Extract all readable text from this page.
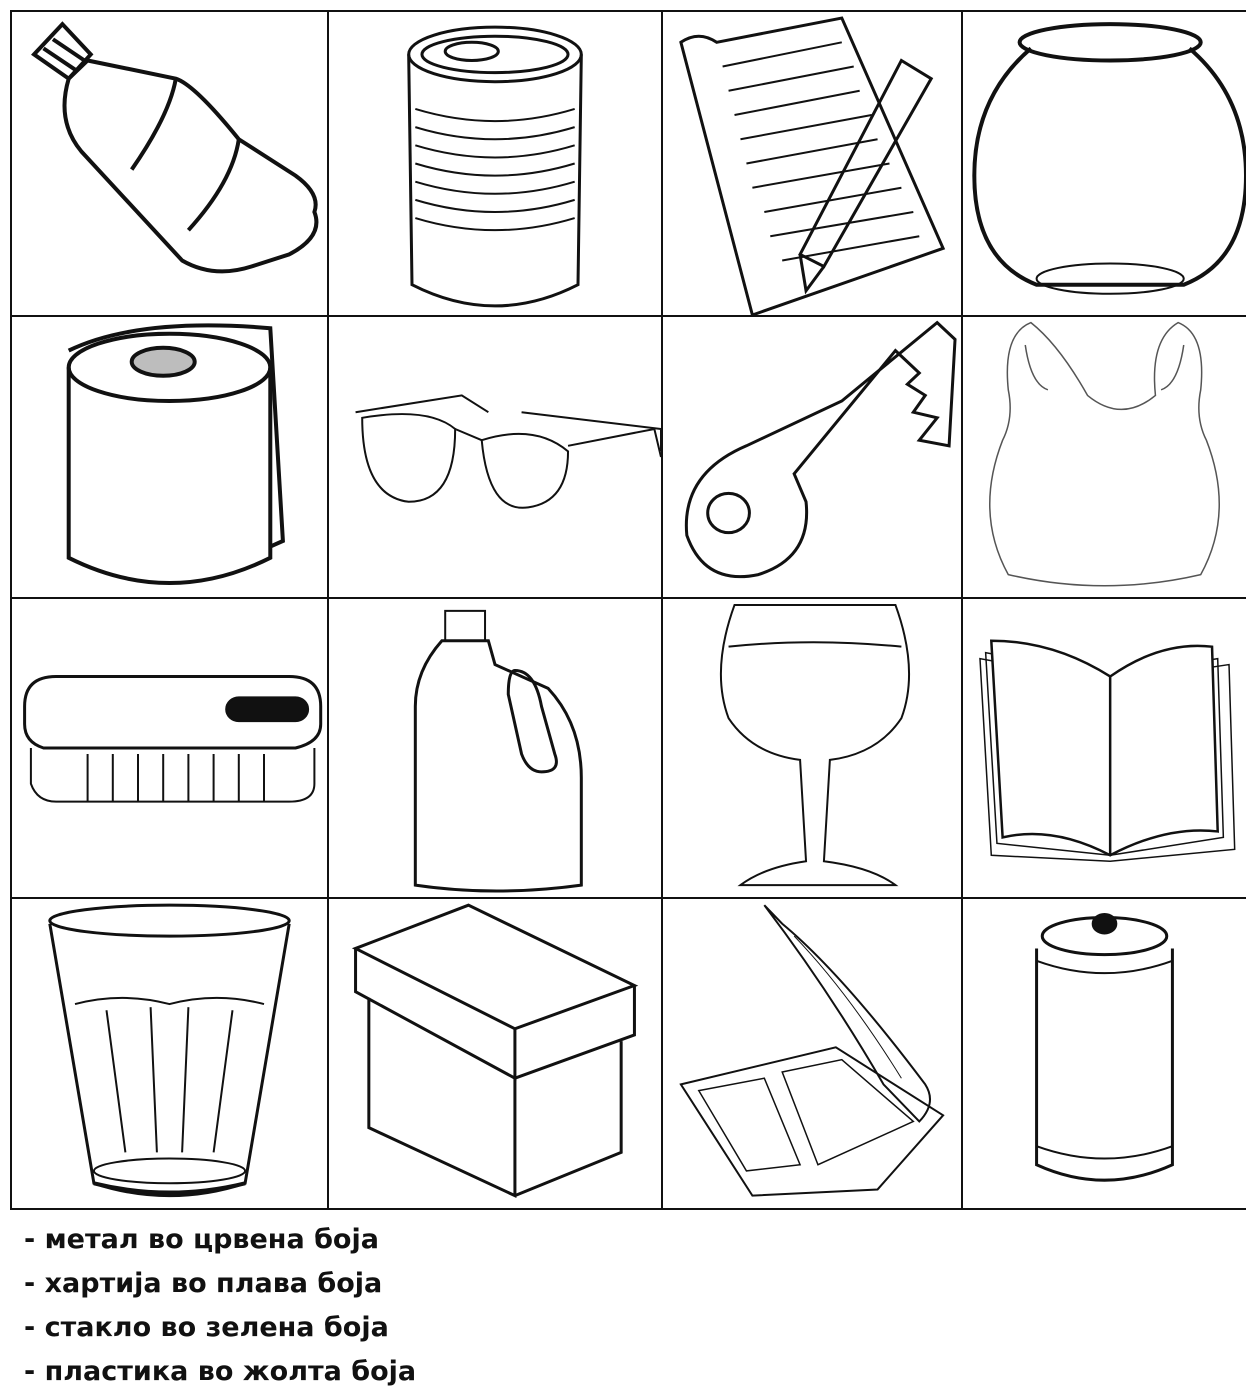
- метал во црвена боја
- хартија во плава боја
- стакло во зелена боја
- пластика во жолта боја
